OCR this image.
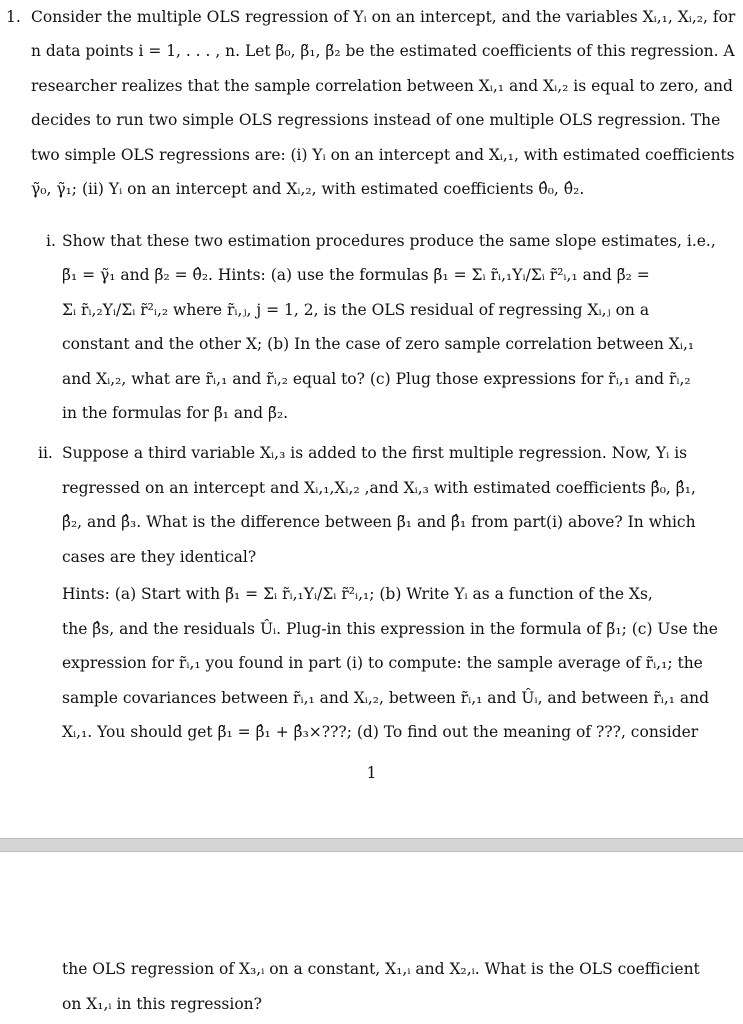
1. Consider the multiple OLS regression of Yᵢ on an intercept, and the variables Xᵢ,₁, Xᵢ,₂, for
n data points i = 1, . . . , n. Let β̃₀, β̃₁, β̃₂ be the estimated coefficients of this regression. A
researcher realizes that the sample correlation between Xᵢ,₁ and Xᵢ,₂ is equal to zero, and
decides to run two simple OLS regressions instead of one multiple OLS regression. The
two simple OLS regressions are: (i) Yᵢ on an intercept and Xᵢ,₁, with estimated coefficients
γ̃₀, γ̃₁; (ii) Yᵢ on an intercept and Xᵢ,₂, with estimated coefficients θ̂₀, θ̂₂.
i. Show that these two estimation procedures produce the same slope estimates, i.e.,
β̃₁ = γ̃₁ and β̃₂ = θ̂₂. Hints: (a) use the formulas β̃₁ = Σᵢ r̃ᵢ,₁Yᵢ/Σᵢ r̃²ᵢ,₁ and β̃₂ =
Σᵢ r̃ᵢ,₂Yᵢ/Σᵢ r̃²ᵢ,₂ where r̃ᵢ,ⱼ, j = 1, 2, is the OLS residual of regressing Xᵢ,ⱼ on a
constant and the other X; (b) In the case of zero sample correlation between Xᵢ,₁
and Xᵢ,₂, what are r̃ᵢ,₁ and r̃ᵢ,₂ equal to? (c) Plug those expressions for r̃ᵢ,₁ and r̃ᵢ,₂
in the formulas for β̃₁ and β̃₂.
ii. Suppose a third variable Xᵢ,₃ is added to the first multiple regression. Now, Yᵢ is
regressed on an intercept and Xᵢ,₁,Xᵢ,₂ ,and Xᵢ,₃ with estimated coefficients β̂₀, β̂₁,
β̂₂, and β̂₃. What is the difference between β̃₁ and β̂₁ from part(i) above? In which
cases are they identical?
Hints: (a) Start with β̃₁ = Σᵢ r̃ᵢ,₁Yᵢ/Σᵢ r̃²ᵢ,₁; (b) Write Yᵢ as a function of the Xs,
the β̂s, and the residuals Ûᵢ. Plug-in this expression in the formula of β̃₁; (c) Use the
expression for r̃ᵢ,₁ you found in part (i) to compute: the sample average of r̃ᵢ,₁; the
sample covariances between r̃ᵢ,₁ and Xᵢ,₂, between r̃ᵢ,₁ and Ûᵢ, and between r̃ᵢ,₁ and
Xᵢ,₁. You should get β̃₁ = β̂₁ + β̂₃×???; (d) To find out the meaning of ???, consider
1
the OLS regression of X₃,ᵢ on a constant, X₁,ᵢ and X₂,ᵢ. What is the OLS coefficient
on X₁,ᵢ in this regression?
